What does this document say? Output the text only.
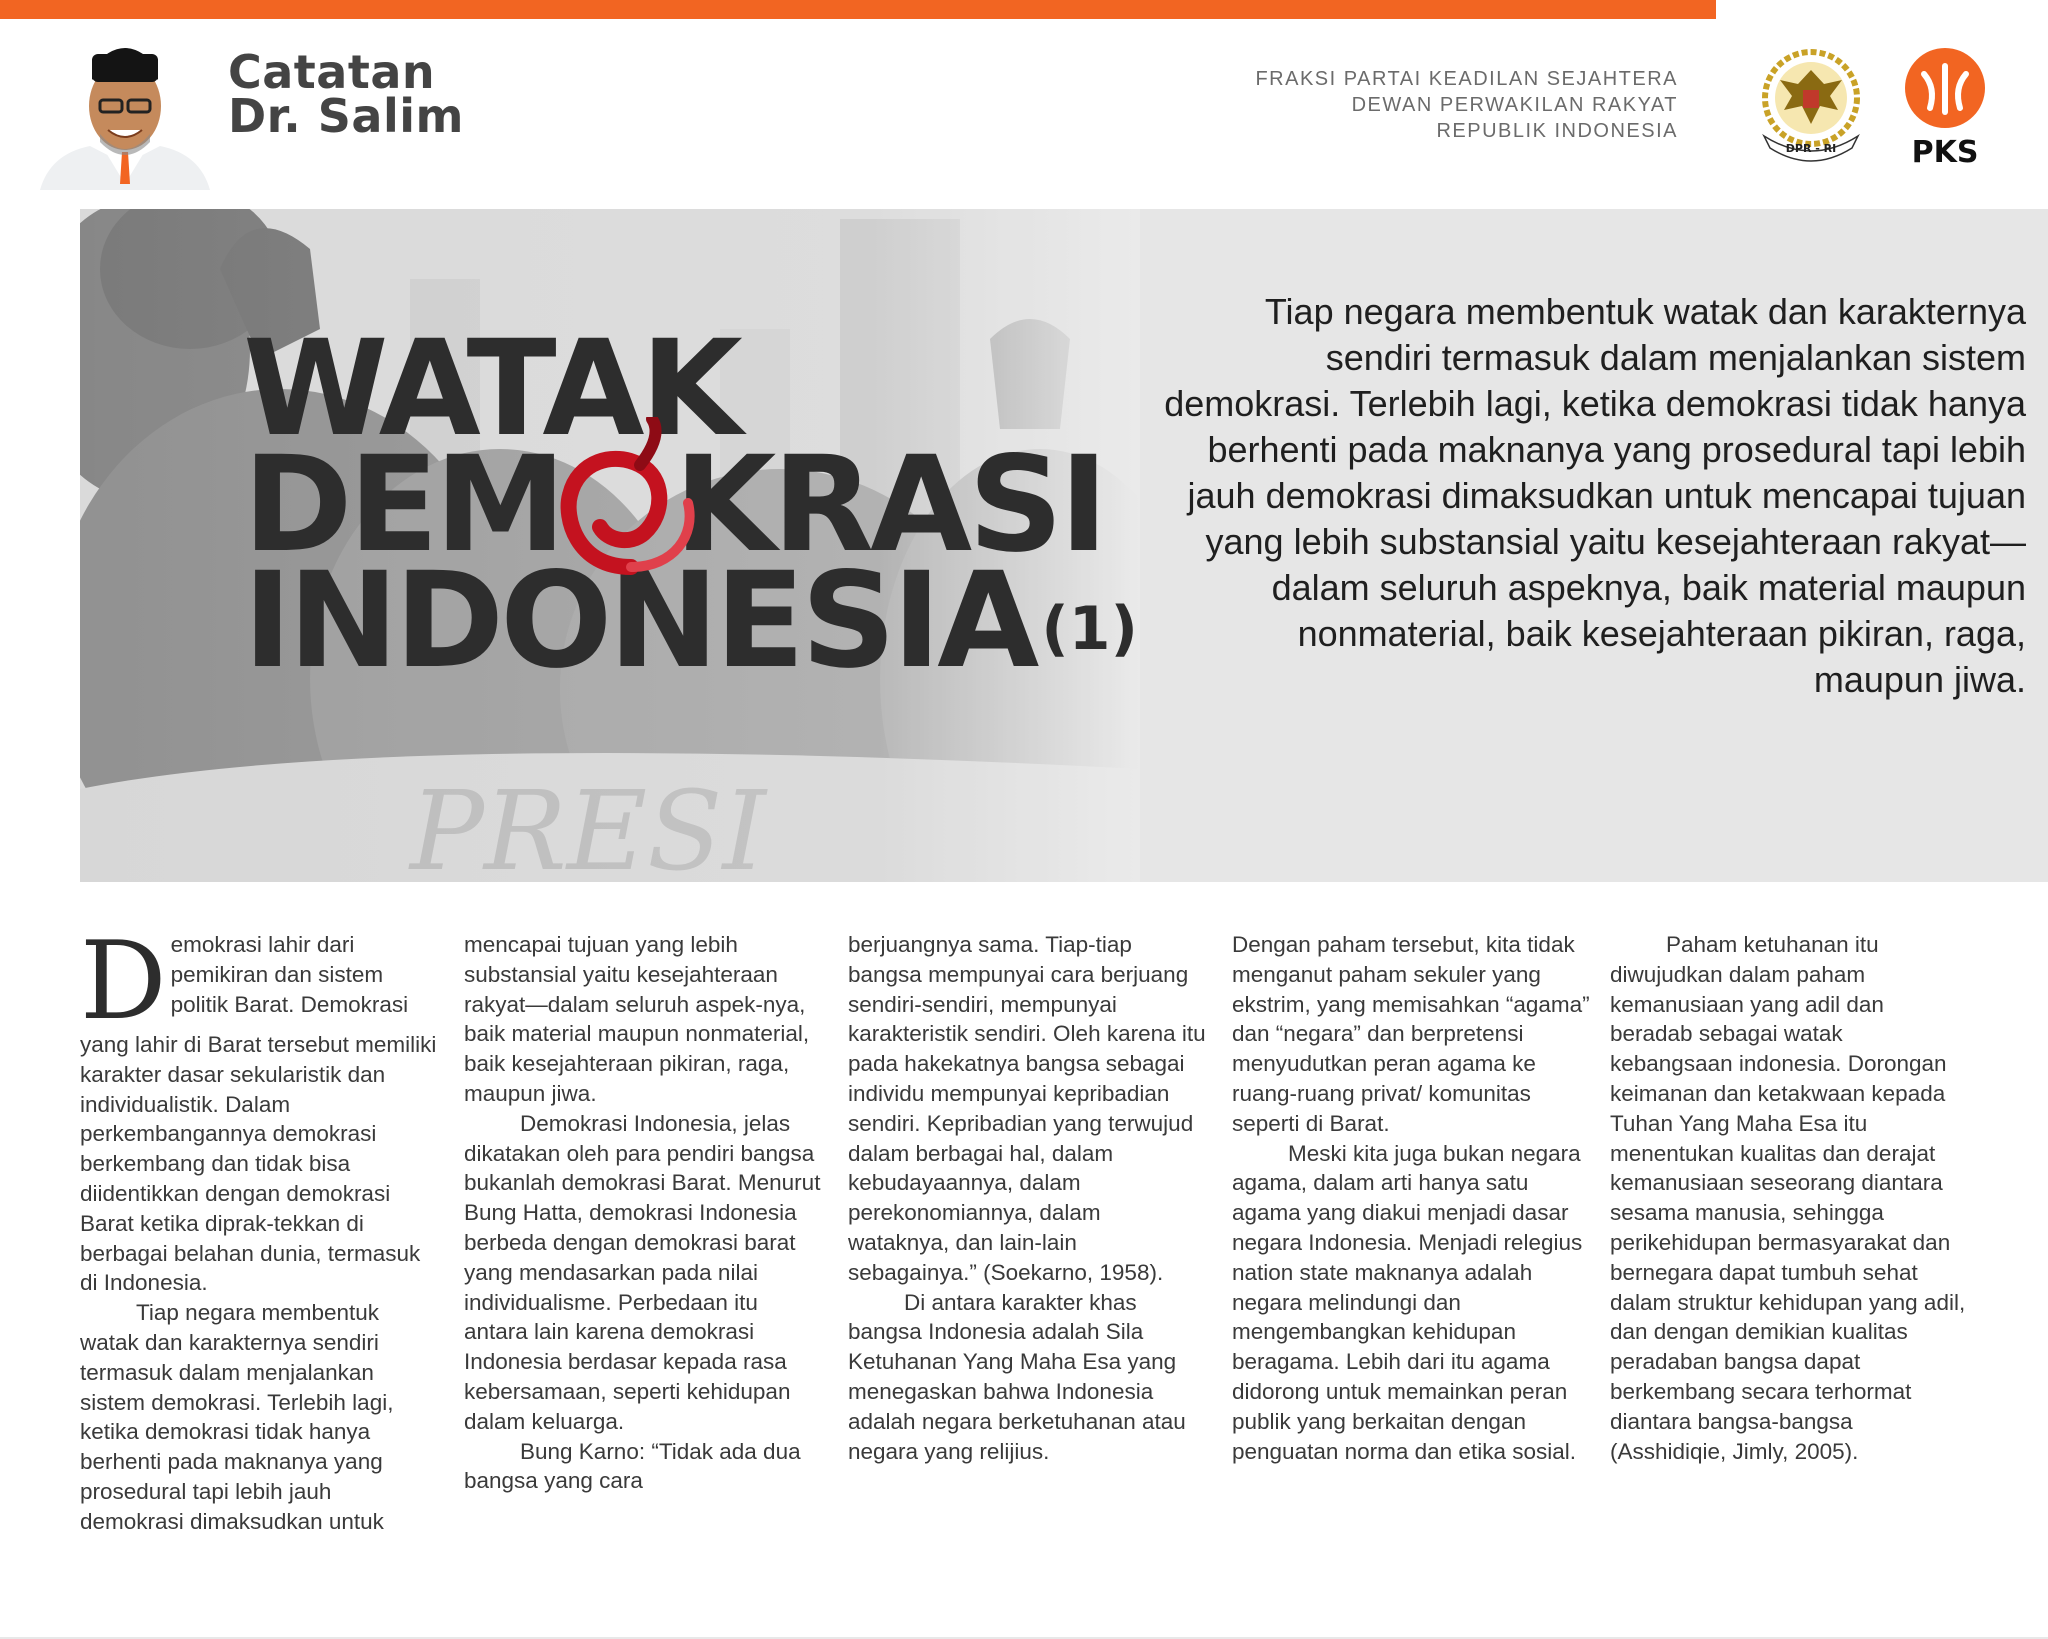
Catatan
Dr. Salim
FRAKSI PARTAI KEADILAN SEJAHTERA
DEWAN PERWAKILAN RAKYAT
REPUBLIK INDONESIA
DPR - RI	PKS
WATAK
DEM KRASI
INDONESIA $^{(1)}$
Tiap negara membentuk watak dan karakternya sendiri termasuk dalam menjalankan sistem demokrasi. Terlebih lagi, ketika demokrasi tidak hanya berhenti pada maknanya yang prosedural tapi lebih jauh demokrasi dimaksudkan untuk mencapai tujuan yang lebih substansial yaitu kesejahteraan rakyat—dalam seluruh aspeknya, baik material maupun nonmaterial, baik kesejahteraan pikiran, raga, maupun jiwa.

D emokrasi lahir dari
pemikiran dan sistem
politik Barat. Demokrasi

yang lahir di Barat tersebut memiliki karakter dasar sekularistik dan individualistik. Dalam perkembangannya demokrasi berkembang dan tidak bisa diidentikkan dengan demokrasi Barat ketika diprak-tekkan di berbagai belahan dunia, termasuk di Indonesia.

Tiap negara membentuk watak dan karakternya sendiri termasuk dalam menjalankan sistem demokrasi. Terlebih lagi, ketika demokrasi tidak hanya berhenti pada maknanya yang prosedural tapi lebih jauh demokrasi dimaksudkan untuk

mencapai tujuan yang lebih substansial yaitu kesejahteraan rakyat—dalam seluruh aspek-nya, baik material maupun nonmaterial, baik kesejahteraan pikiran, raga, maupun jiwa.

Demokrasi Indonesia, jelas dikatakan oleh para pendiri bangsa bukanlah demokrasi Barat. Menurut Bung Hatta, demokrasi Indonesia berbeda dengan demokrasi barat yang mendasarkan pada nilai individualisme. Perbedaan itu antara lain karena demokrasi Indonesia berdasar kepada rasa kebersamaan, seperti kehidupan dalam keluarga.

Bung Karno: “Tidak ada dua bangsa yang cara

berjuangnya sama. Tiap-tiap bangsa mempunyai cara berjuang sendiri-sendiri, mempunyai karakteristik sendiri. Oleh karena itu pada hakekatnya bangsa sebagai individu mempunyai kepribadian sendiri. Kepribadian yang terwujud dalam berbagai hal, dalam kebudayaannya, dalam perekonomiannya, dalam wataknya, dan lain-lain sebagainya.” (Soekarno, 1958).

Di antara karakter khas bangsa Indonesia adalah Sila Ketuhanan Yang Maha Esa yang menegaskan bahwa Indonesia adalah negara berketuhanan atau negara yang relijius.

Dengan paham tersebut, kita tidak menganut paham sekuler yang ekstrim, yang memisahkan “agama” dan “negara” dan berpretensi menyudutkan peran agama ke ruang-ruang privat/ komunitas seperti di Barat.

Meski kita juga bukan negara agama, dalam arti hanya satu agama yang diakui menjadi dasar negara Indonesia. Menjadi relegius nation state maknanya adalah negara melindungi dan mengembangkan kehidupan beragama. Lebih dari itu agama didorong untuk memainkan peran publik yang berkaitan dengan penguatan norma dan etika sosial.

Paham ketuhanan itu diwujudkan dalam paham kemanusiaan yang adil dan beradab sebagai watak kebangsaan indonesia. Dorongan keimanan dan ketakwaan kepada Tuhan Yang Maha Esa itu menentukan kualitas dan derajat kemanusiaan seseorang diantara sesama manusia, sehingga perikehidupan bermasyarakat dan bernegara dapat tumbuh sehat dalam struktur kehidupan yang adil, dan dengan demikian kualitas peradaban bangsa dapat berkembang secara terhormat diantara bangsa-bangsa (Asshidiqie, Jimly, 2005).
